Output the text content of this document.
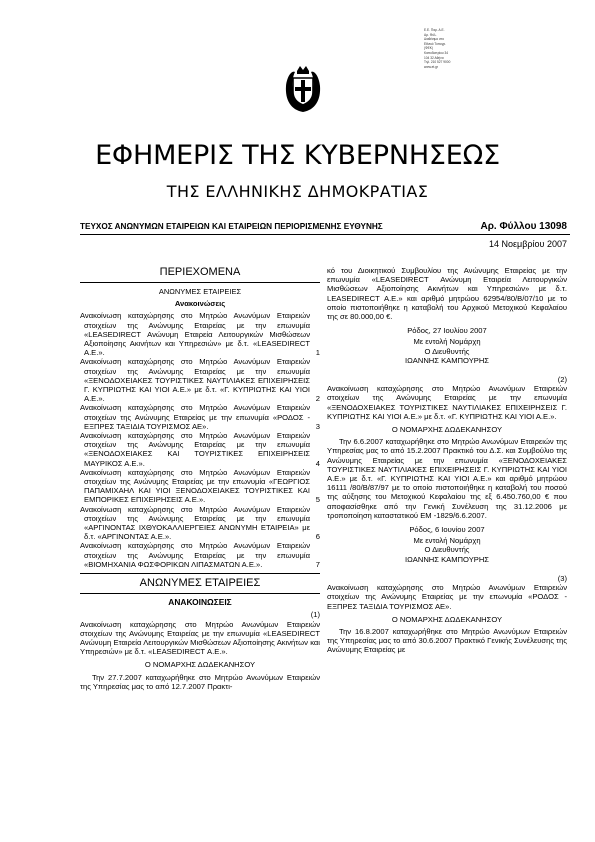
Ε.Ε. Παρ. Α.Ε.
Αρ. Φύλ.
Διαθέσιμο στο
Εθνικό Τυπογρ.
(ΦΕΚ)
Καποδιστρίου 34
104 32 Αθήνα
Τηλ. 210 527 9000
www.et.gr
ΕΦΗΜΕΡΙΣ ΤΗΣ ΚΥΒΕΡΝΗΣΕΩΣ
ΤΗΣ ΕΛΛΗΝΙΚΗΣ ΔΗΜΟΚΡΑΤΙΑΣ
ΤΕΥΧΟΣ ΑΝΩΝΥΜΩΝ ΕΤΑΙΡΕΙΩΝ ΚΑΙ ΕΤΑΙΡΕΙΩΝ ΠΕΡΙΟΡΙΣΜΕΝΗΣ ΕΥΘΥΝΗΣ	Αρ. Φύλλου 13098
14 Νοεμβρίου 2007

ΠΕΡΙΕΧΟΜΕΝΑ

ΑΝΩΝΥΜΕΣ ΕΤΑΙΡΕΙΕΣ

Ανακοινώσεις

Ανακοίνωση καταχώρησης στο Μητρώο Ανωνύμων Εταιρειών στοιχείων της Ανώνυμης Εταιρείας με την επωνυμία «LEASEDIRECT Ανώνυμη Εταιρεία Λειτουργικών Μισθώσεων Αξιοποίησης Ακινήτων και Υπηρεσιών» με δ.τ. «LEASEDIRECT Α.Ε.».	1

Ανακοίνωση καταχώρησης στο Μητρώο Ανωνύμων Εταιρειών στοιχείων της Ανώνυμης Εταιρείας με την επωνυμία «ΞΕΝΟΔΟΧΕΙΑΚΕΣ ΤΟΥΡΙΣΤΙΚΕΣ ΝΑΥΤΙΛΙΑΚΕΣ ΕΠΙΧΕΙΡΗΣΕΙΣ Γ. ΚΥΠΡΙΩΤΗΣ ΚΑΙ ΥΙΟΙ Α.Ε.» με δ.τ. «Γ. ΚΥΠΡΙΩΤΗΣ ΚΑΙ ΥΙΟΙ Α.Ε.».	2

Ανακοίνωση καταχώρησης στο Μητρώο Ανωνύμων Εταιρειών στοιχείων της Ανώνυμης Εταιρείας με την επωνυμία «ΡΟΔΟΣ - ΕΞΠΡΕΣ ΤΑΞΙΔΙΑ ΤΟΥΡΙΣΜΟΣ ΑΕ».	3

Ανακοίνωση καταχώρησης στο Μητρώο Ανωνύμων Εταιρειών στοιχείων της Ανώνυμης Εταιρείας με την επωνυμία «ΞΕΝΟΔΟΧΕΙΑΚΕΣ ΚΑΙ ΤΟΥΡΙΣΤΙΚΕΣ ΕΠΙΧΕΙΡΗΣΕΙΣ ΜΑΥΡΙΚΟΣ Α.Ε.».	4

Ανακοίνωση καταχώρησης στο Μητρώο Ανωνύμων Εταιρειών στοιχείων της Ανώνυμης Εταιρείας με την επωνυμία «ΓΕΩΡΓΙΟΣ ΠΑΠΑΜΙΧΑΗΛ ΚΑΙ ΥΙΟΙ ΞΕΝΟΔΟΧΕΙΑΚΕΣ ΤΟΥΡΙΣΤΙΚΕΣ ΚΑΙ ΕΜΠΟΡΙΚΕΣ ΕΠΙΧΕΙΡΗΣΕΙΣ Α.Ε.».	5

Ανακοίνωση καταχώρησης στο Μητρώο Ανωνύμων Εταιρειών στοιχείων της Ανώνυμης Εταιρείας με την επωνυμία «ΑΡΓΙΝΟΝΤΑΣ ΙΧΘΥΟΚΑΛΛΙΕΡΓΕΙΕΣ ΑΝΩΝΥΜΗ ΕΤΑΙΡΕΙΑ» με δ.τ. «ΑΡΓΙΝΟΝΤΑΣ Α.Ε.».	6

Ανακοίνωση καταχώρησης στο Μητρώο Ανωνύμων Εταιρειών στοιχείων της Ανώνυμης Εταιρείας με την επωνυμία «ΒΙΟΜΗΧΑΝΙΑ ΦΩΣΦΟΡΙΚΩΝ ΛΙΠΑΣΜΑΤΩΝ Α.Ε.».	7

ΑΝΩΝΥΜΕΣ ΕΤΑΙΡΕΙΕΣ

ΑΝΑΚΟΙΝΩΣΕΙΣ

(1)

Ανακοίνωση καταχώρησης στο Μητρώο Ανωνύμων Εταιρειών στοιχείων της Ανώνυμης Εταιρείας με την επωνυμία «LEASEDIRECT Ανώνυμη Εταιρεία Λειτουργικών Μισθώσεων Αξιοποίησης Ακινήτων και Υπηρεσιών» με δ.τ. «LEASEDIRECT Α.Ε.».

Ο ΝΟΜΑΡΧΗΣ ΔΩΔΕΚΑΝΗΣΟΥ

Την 27.7.2007 καταχωρήθηκε στο Μητρώο Ανωνύμων Εταιρειών της Υπηρεσίας μας το από 12.7.2007 Πρακτι-

κό του Διοικητικού Συμβουλίου της Ανώνυμης Εταιρείας με την επωνυμία «LEASEDIRECT Ανώνυμη Εταιρεία Λειτουργικών Μισθώσεων Αξιοποίησης Ακινήτων και Υπηρεσιών» με δ.τ. LEASEDIRECT Α.Ε.» και αριθμό μητρώου 62954/80/Β/07/10 με το οποίο πιστοποιήθηκε η καταβολή του Αρχικού Μετοχικού Κεφαλαίου της σε 80.000,00 €.

Ρόδος, 27 Ιουλίου 2007

Με εντολή Νομάρχη

Ο Διευθυντής

ΙΩΑΝΝΗΣ ΚΑΜΠΟΥΡΗΣ

(2)

Ανακοίνωση καταχώρησης στο Μητρώο Ανωνύμων Εταιρειών στοιχείων της Ανώνυμης Εταιρείας με την επωνυμία «ΞΕΝΟΔΟΧΕΙΑΚΕΣ ΤΟΥΡΙΣΤΙΚΕΣ ΝΑΥΤΙΛΙΑΚΕΣ ΕΠΙΧΕΙΡΗΣΕΙΣ Γ. ΚΥΠΡΙΩΤΗΣ ΚΑΙ ΥΙΟΙ Α.Ε.» με δ.τ. «Γ. ΚΥΠΡΙΩΤΗΣ ΚΑΙ ΥΙΟΙ Α.Ε.».

Ο ΝΟΜΑΡΧΗΣ ΔΩΔΕΚΑΝΗΣΟΥ

Την 6.6.2007 καταχωρήθηκε στο Μητρώο Ανωνύμων Εταιρειών της Υπηρεσίας μας το από 15.2.2007 Πρακτικό του Δ.Σ. και Συμβούλιο της Ανώνυμης Εταιρείας με την επωνυμία «ΞΕΝΟΔΟΧΕΙΑΚΕΣ ΤΟΥΡΙΣΤΙΚΕΣ ΝΑΥΤΙΛΙΑΚΕΣ ΕΠΙΧΕΙΡΗΣΕΙΣ Γ. ΚΥΠΡΙΩΤΗΣ ΚΑΙ ΥΙΟΙ Α.Ε.» με δ.τ. «Γ. ΚΥΠΡΙΩΤΗΣ ΚΑΙ ΥΙΟΙ Α.Ε.» και αριθμό μητρώου 16111 /80/Β/87/97 με το οποίο πιστοποιήθηκε η καταβολή του ποσού της αύξησης του Μετοχικού Κεφαλαίου της εξ 6.450.760,00 € που αποφασίσθηκε από την Γενική Συνέλευση της 31.12.2006 με τροποποίηση καταστατικού ΕΜ -1829/6.6.2007.

Ρόδος, 6 Ιουνίου 2007

Με εντολή Νομάρχη

Ο Διευθυντής

ΙΩΑΝΝΗΣ ΚΑΜΠΟΥΡΗΣ

(3)

Ανακοίνωση καταχώρησης στο Μητρώο Ανωνύμων Εταιρειών στοιχείων της Ανώνυμης Εταιρείας με την επωνυμία «ΡΟΔΟΣ - ΕΞΠΡΕΣ ΤΑΞΙΔΙΑ ΤΟΥΡΙΣΜΟΣ ΑΕ».

Ο ΝΟΜΑΡΧΗΣ ΔΩΔΕΚΑΝΗΣΟΥ

Την 16.8.2007 καταχωρήθηκε στο Μητρώο Ανωνύμων Εταιρειών της Υπηρεσίας μας το από 30.6.2007 Πρακτικό Γενικής Συνέλευσης της Ανώνυμης Εταιρείας με
